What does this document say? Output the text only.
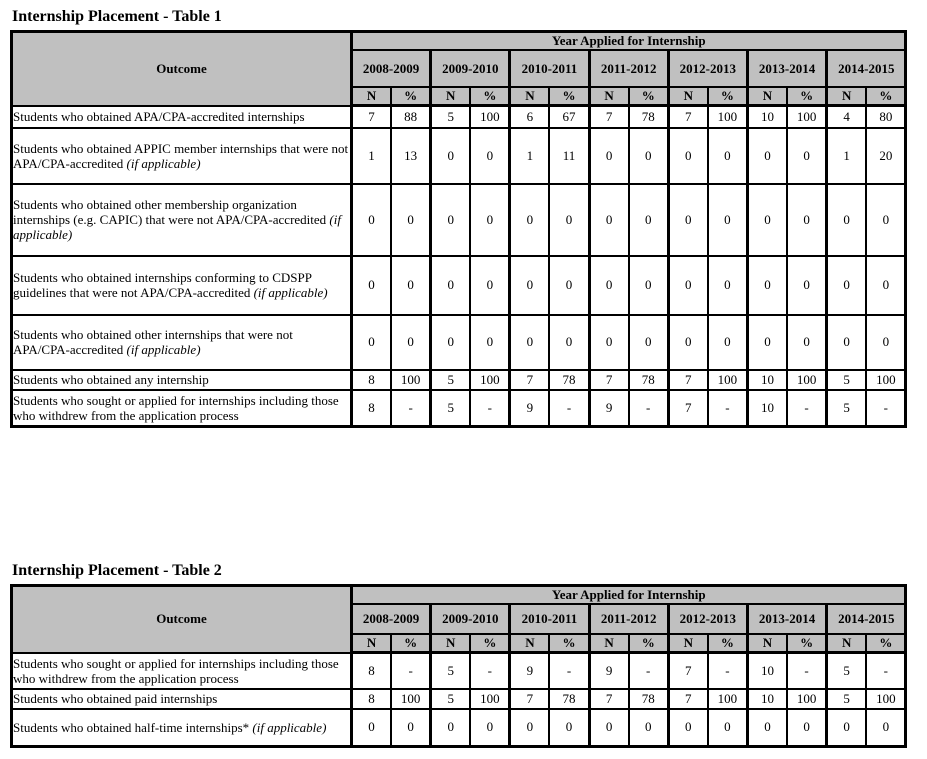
Internship Placement - Table 1
Outcome	Year Applied for Internship													
	2008-2009		2009-2010		2010-2011		2011-2012		2012-2013		2013-2014		2014-2015	
	N	%	N	%	N	%	N	%	N	%	N	%	N	%
Students who obtained APA/CPA-accredited internships	7	88	5	100	6	67	7	78	7	100	10	100	4	80
Students who obtained APPIC member internships that were not APA/CPA-accredited (if applicable)	1	13	0	0	1	11	0	0	0	0	0	0	1	20
Students who obtained other membership organization internships (e.g. CAPIC) that were not APA/CPA-accredited (if applicable)	0	0	0	0	0	0	0	0	0	0	0	0	0	0
Students who obtained internships conforming to CDSPP guidelines that were not APA/CPA-accredited (if applicable)	0	0	0	0	0	0	0	0	0	0	0	0	0	0
Students who obtained other internships that were not APA/CPA-accredited (if applicable)	0	0	0	0	0	0	0	0	0	0	0	0	0	0
Students who obtained any internship	8	100	5	100	7	78	7	78	7	100	10	100	5	100
Students who sought or applied for internships including those who withdrew from the application process	8	-	5	-	9	-	9	-	7	-	10	-	5	-
Internship Placement - Table 2
Outcome	Year Applied for Internship													
	2008-2009		2009-2010		2010-2011		2011-2012		2012-2013		2013-2014		2014-2015	
	N	%	N	%	N	%	N	%	N	%	N	%	N	%
Students who sought or applied for internships including those who withdrew from the application process	8	-	5	-	9	-	9	-	7	-	10	-	5	-
Students who obtained paid internships	8	100	5	100	7	78	7	78	7	100	10	100	5	100
Students who obtained half-time internships* (if applicable)	0	0	0	0	0	0	0	0	0	0	0	0	0	0
